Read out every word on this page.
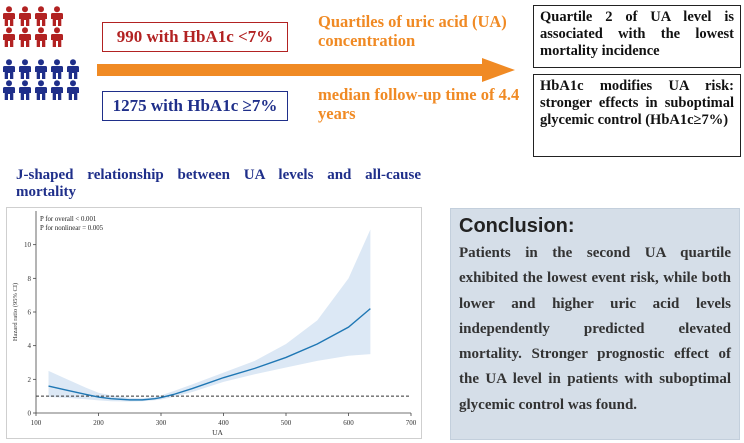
990 with HbA1c <7%
1275 with HbA1c ≥7%
Quartiles of uric acid (UA) concentration
median follow-up time of 4.4 years
Quartile 2 of UA level is associated with the lowest mortality incidence
HbA1c modifies UA risk: stronger effects in suboptimal glycemic control (HbA1c≥7%)
J-shaped relationship between UA levels and all-cause mortality
100	200	300	400	500	600	700
0
2
4
6
8
10
UA
Hazard ratio (95% CI)
P for overall < 0.001
P for nonlinear = 0.005	Conclusion:
Patients in the second UA quartile exhibited the lowest event risk, while both lower and higher uric acid levels independently predicted elevated mortality. Stronger prognostic effect of the UA level in patients with suboptimal glycemic control was found.
